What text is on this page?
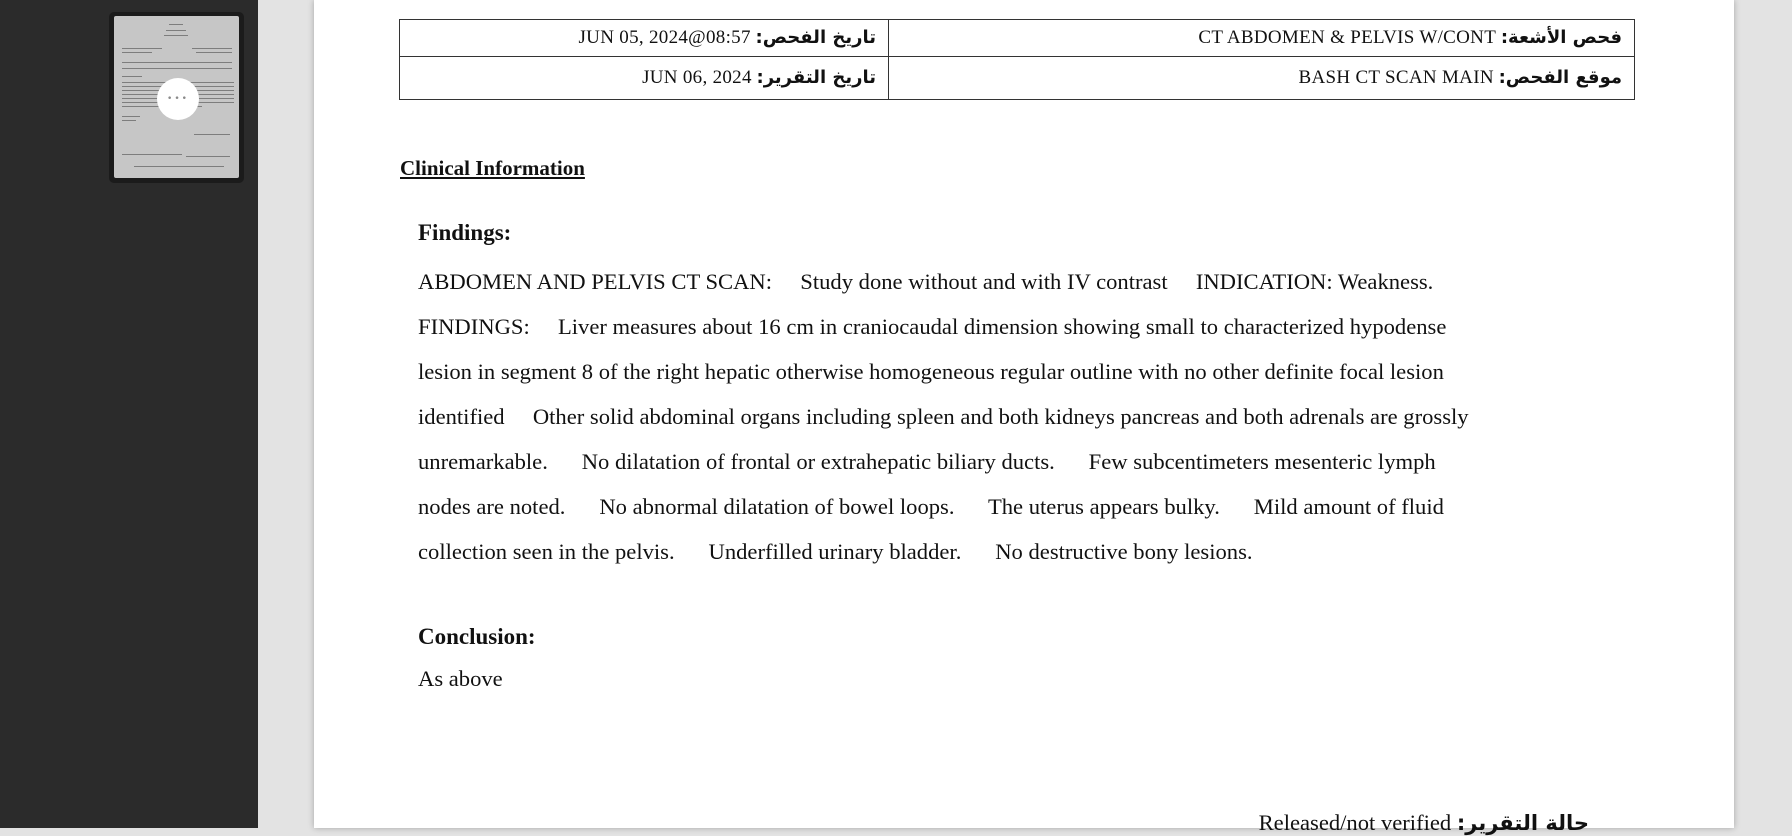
•••
تاريخ الفحص: JUN 05, 2024@08:57	فحص الأشعة: CT ABDOMEN & PELVIS W/CONT
تاريخ التقرير: JUN 06, 2024	موقع الفحص: BASH CT SCAN MAIN
Clinical Information
Findings:

ABDOMEN AND PELVIS CT SCAN:     Study done without and with IV contrast     INDICATION: Weakness.
FINDINGS:     Liver measures about 16 cm in craniocaudal dimension showing small to characterized hypodense
lesion in segment 8 of the right hepatic otherwise homogeneous regular outline with no other definite focal lesion
identified     Other solid abdominal organs including spleen and both kidneys pancreas and both adrenals are grossly
unremarkable.      No dilatation of frontal or extrahepatic biliary ducts.      Few subcentimeters mesenteric lymph
nodes are noted.      No abnormal dilatation of bowel loops.      The uterus appears bulky.      Mild amount of fluid
collection seen in the pelvis.      Underfilled urinary bladder.      No destructive bony lesions.

Conclusion:

As above

حالة التقرير: Released/not verified
